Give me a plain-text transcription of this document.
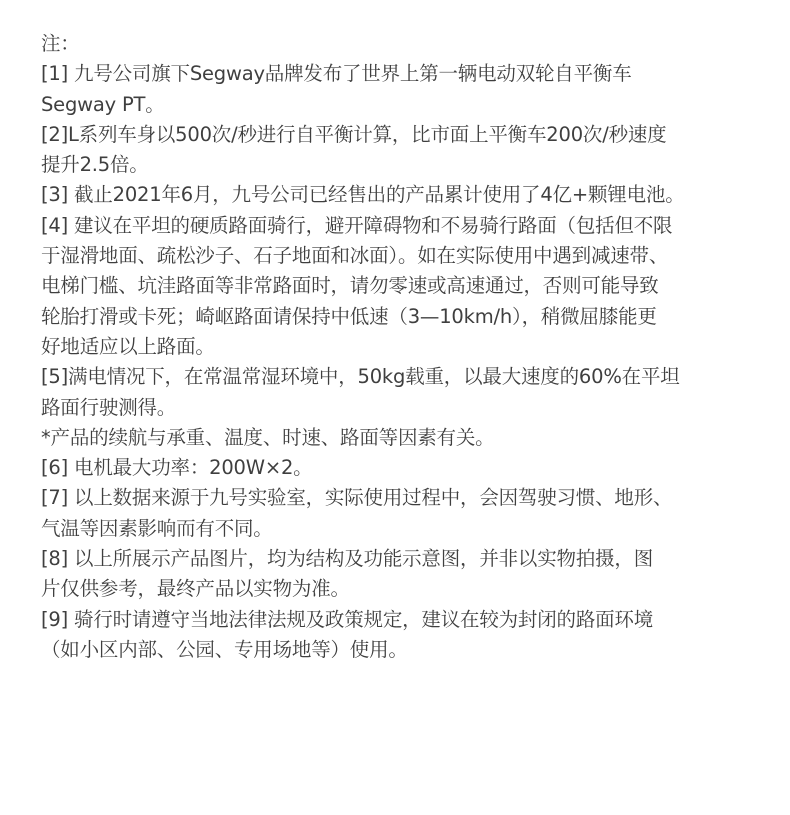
注：
[1] 九号公司旗下Segway品牌发布了世界上第一辆电动双轮自平衡车
Segway PT。
[2]L系列车身以500次/秒进行自平衡计算，比市面上平衡车200次/秒速度
提升2.5倍。
[3] 截止2021年6月，九号公司已经售出的产品累计使用了4亿+颗锂电池。
[4] 建议在平坦的硬质路面骑行，避开障碍物和不易骑行路面（包括但不限
于湿滑地面、疏松沙子、石子地面和冰面）。如在实际使用中遇到减速带、
电梯门槛、坑洼路面等非常路面时，请勿零速或高速通过，否则可能导致
轮胎打滑或卡死；崎岖路面请保持中低速（3—10km/h），稍微屈膝能更
好地适应以上路面。
[5]满电情况下，在常温常湿环境中，50kg载重，以最大速度的60%在平坦
路面行驶测得。
*产品的续航与承重、温度、时速、路面等因素有关。
[6] 电机最大功率：200W×2。
[7] 以上数据来源于九号实验室，实际使用过程中，会因驾驶习惯、地形、
气温等因素影响而有不同。
[8] 以上所展示产品图片，均为结构及功能示意图，并非以实物拍摄，图
片仅供参考，最终产品以实物为准。
[9] 骑行时请遵守当地法律法规及政策规定，建议在较为封闭的路面环境
（如小区内部、公园、专用场地等）使用。
